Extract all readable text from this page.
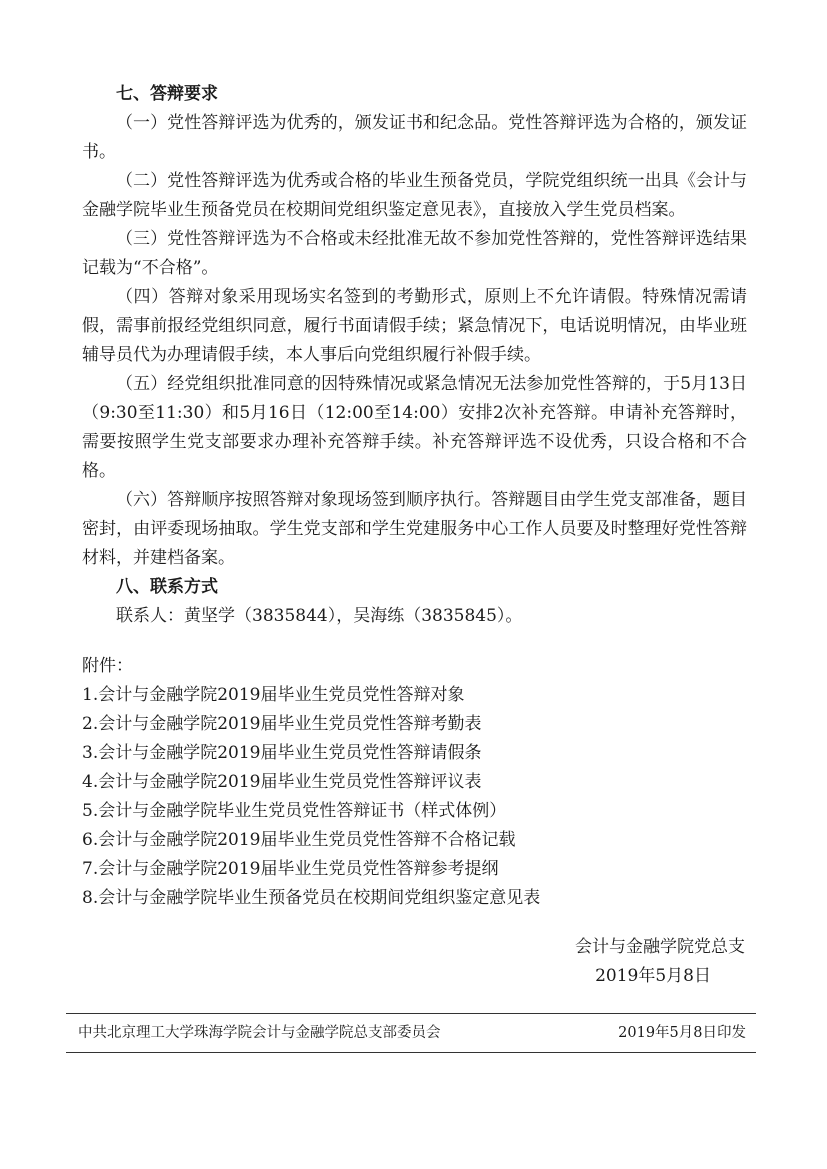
七、答辩要求

（一）党性答辩评选为优秀的，颁发证书和纪念品。党性答辩评选为合格的，颁发证书。

（二）党性答辩评选为优秀或合格的毕业生预备党员，学院党组织统一出具《会计与金融学院毕业生预备党员在校期间党组织鉴定意见表》，直接放入学生党员档案。

（三）党性答辩评选为不合格或未经批准无故不参加党性答辩的，党性答辩评选结果记载为“不合格”。

（四）答辩对象采用现场实名签到的考勤形式，原则上不允许请假。特殊情况需请假，需事前报经党组织同意，履行书面请假手续；紧急情况下，电话说明情况，由毕业班辅导员代为办理请假手续，本人事后向党组织履行补假手续。

（五）经党组织批准同意的因特殊情况或紧急情况无法参加党性答辩的，于5月13日（9:30至11:30）和5月16日（12:00至14:00）安排2次补充答辩。申请补充答辩时，需要按照学生党支部要求办理补充答辩手续。补充答辩评选不设优秀，只设合格和不合格。

（六）答辩顺序按照答辩对象现场签到顺序执行。答辩题目由学生党支部准备，题目密封，由评委现场抽取。学生党支部和学生党建服务中心工作人员要及时整理好党性答辩材料，并建档备案。

八、联系方式

联系人：黄坚学（3835844），吴海练（3835845）。

附件：

1.会计与金融学院2019届毕业生党员党性答辩对象

2.会计与金融学院2019届毕业生党员党性答辩考勤表

3.会计与金融学院2019届毕业生党员党性答辩请假条

4.会计与金融学院2019届毕业生党员党性答辩评议表

5.会计与金融学院毕业生党员党性答辩证书（样式体例）

6.会计与金融学院2019届毕业生党员党性答辩不合格记载

7.会计与金融学院2019届毕业生党员党性答辩参考提纲

8.会计与金融学院毕业生预备党员在校期间党组织鉴定意见表

会计与金融学院党总支

2019年5月8日

中共北京理工大学珠海学院会计与金融学院总支部委员会	2019年5月8日印发
